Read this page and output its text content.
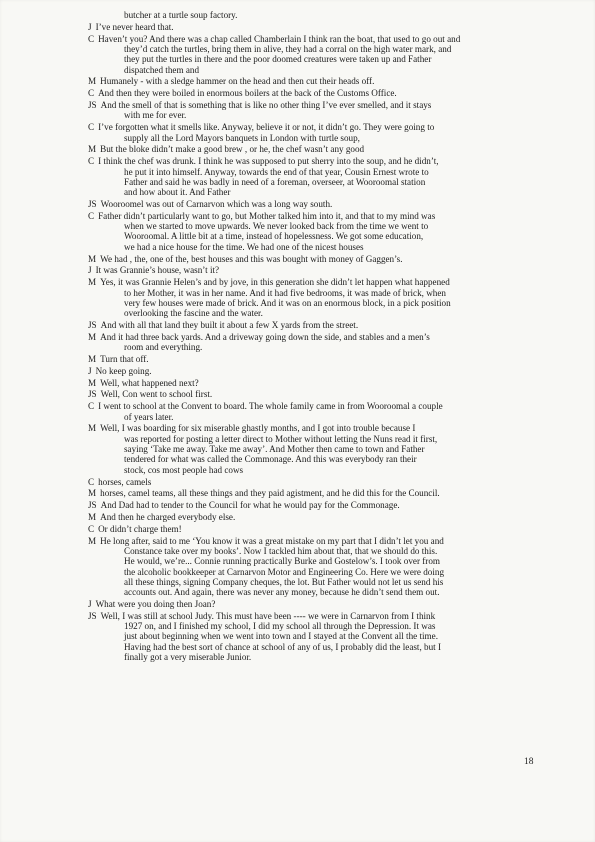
butcher at a turtle soup factory.
J I’ve never heard that.
C Haven’t you? And there was a chap called Chamberlain I think ran the boat, that used to go out and
they’d catch the turtles, bring them in alive, they had a corral on the high water mark, and
they put the turtles in there and the poor doomed creatures were taken up and Father
dispatched them and
M Humanely - with a sledge hammer on the head and then cut their heads off.
C And then they were boiled in enormous boilers at the back of the Customs Office.
JS And the smell of that is something that is like no other thing I’ve ever smelled, and it stays
with me for ever.
C I’ve forgotten what it smells like. Anyway, believe it or not, it didn’t go. They were going to
supply all the Lord Mayors banquets in London with turtle soup,
M But the bloke didn’t make a good brew , or he, the chef wasn’t any good
C I think the chef was drunk. I think he was supposed to put sherry into the soup, and he didn’t,
he put it into himself. Anyway, towards the end of that year, Cousin Ernest wrote to
Father and said he was badly in need of a foreman, overseer, at Wooroomal station
and how about it. And Father
JS Wooroomel was out of Carnarvon which was a long way south.
C Father didn’t particularly want to go, but Mother talked him into it, and that to my mind was
when we started to move upwards. We never looked back from the time we went to
Wooroomal. A little bit at a time, instead of hopelessness. We got some education,
we had a nice house for the time. We had one of the nicest houses
M We had , the, one of the, best houses and this was bought with money of Gaggen’s.
J It was Grannie’s house, wasn’t it?
M Yes, it was Grannie Helen’s and by jove, in this generation she didn’t let happen what happened
to her Mother, it was in her name. And it had five bedrooms, it was made of brick, when
very few houses were made of brick. And it was on an enormous block, in a pick position
overlooking the fascine and the water.
JS And with all that land they built it about a few X yards from the street.
M And it had three back yards. And a driveway going down the side, and stables and a men’s
room and everything.
M Turn that off.
J No keep going.
M Well, what happened next?
JS Well, Con went to school first.
C I went to school at the Convent to board. The whole family came in from Wooroomal a couple
of years later.
M Well, I was boarding for six miserable ghastly months, and I got into trouble because I
was reported for posting a letter direct to Mother without letting the Nuns read it first,
saying ‘Take me away. Take me away’. And Mother then came to town and Father
tendered for what was called the Commonage. And this was everybody ran their
stock, cos most people had cows
C horses, camels
M horses, camel teams, all these things and they paid agistment, and he did this for the Council.
JS And Dad had to tender to the Council for what he would pay for the Commonage.
M And then he charged everybody else.
C Or didn’t charge them!
M He long after, said to me ‘You know it was a great mistake on my part that I didn’t let you and
Constance take over my books’. Now I tackled him about that, that we should do this.
He would, we’re... Connie running practically Burke and Gostelow’s. I took over from
the alcoholic bookkeeper at Carnarvon Motor and Engineering Co. Here we were doing
all these things, signing Company cheques, the lot. But Father would not let us send his
accounts out. And again, there was never any money, because he didn’t send them out.
J What were you doing then Joan?
JS Well, I was still at school Judy. This must have been ---- we were in Carnarvon from I think
1927 on, and I finished my school, I did my school all through the Depression. It was
just about beginning when we went into town and I stayed at the Convent all the time.
Having had the best sort of chance at school of any of us, I probably did the least, but I
finally got a very miserable Junior.
18
